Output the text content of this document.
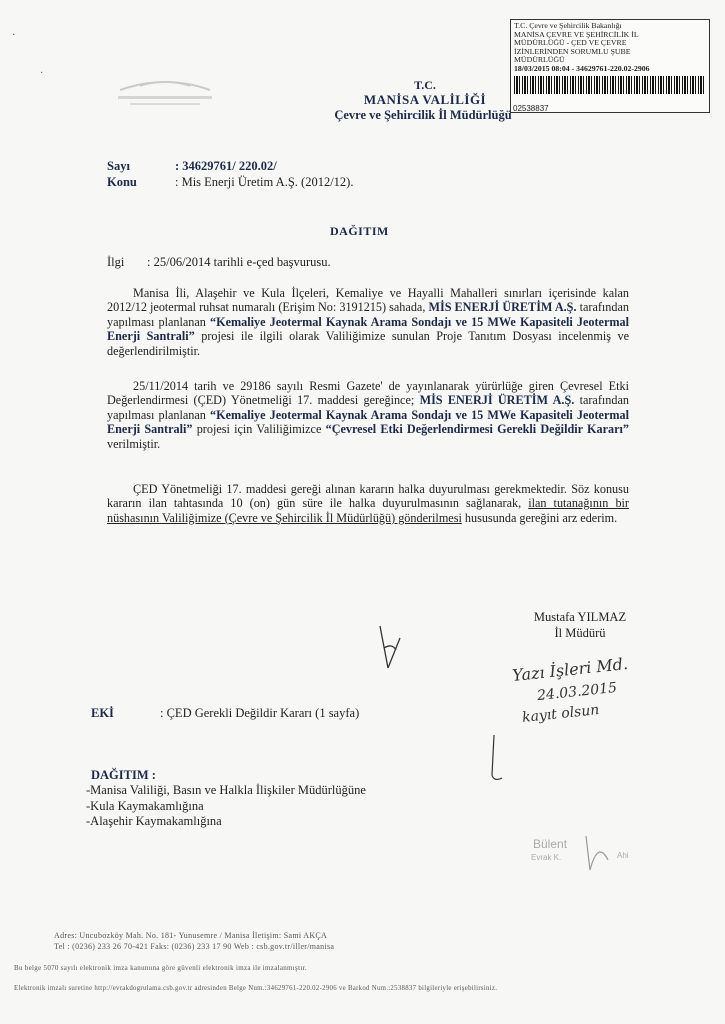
T.C. Çevre ve Şehircilik Bakanlığı
MANİSA ÇEVRE VE ŞEHİRCİLİK İL
MÜDÜRLÜĞÜ - ÇED VE ÇEVRE
İZİNLERİNDEN SORUMLU ŞUBE
MÜDÜRLÜĞÜ
18/03/2015 08:04 - 34629761-220.02-2906
02538837
·
·
T.C.
MANİSA VALİLİĞİ
Çevre ve Şehircilik İl Müdürlüğü
Sayı	: 34629761/ 220.02/
Konu	: Mis Enerji Üretim A.Ş. (2012/12).
DAĞITIM
İlgi : 25/06/2014 tarihli e-çed başvurusu.
Manisa İli, Alaşehir ve Kula İlçeleri, Kemaliye ve Hayalli Mahalleri sınırları içerisinde kalan 2012/12 jeotermal ruhsat numaralı (Erişim No: 3191215) sahada, MİS ENERJİ ÜRETİM A.Ş. tarafından yapılması planlanan “Kemaliye Jeotermal Kaynak Arama Sondajı ve 15 MWe Kapasiteli Jeotermal Enerji Santrali” projesi ile ilgili olarak Valiliğimize sunulan Proje Tanıtım Dosyası incelenmiş ve değerlendirilmiştir.
25/11/2014 tarih ve 29186 sayılı Resmi Gazete' de yayınlanarak yürürlüğe giren Çevresel Etki Değerlendirmesi (ÇED) Yönetmeliği 17. maddesi gereğince; MİS ENERJİ ÜRETİM A.Ş. tarafından yapılması planlanan “Kemaliye Jeotermal Kaynak Arama Sondajı ve 15 MWe Kapasiteli Jeotermal Enerji Santrali” projesi için Valiliğimizce “Çevresel Etki Değerlendirmesi Gerekli Değildir Kararı” verilmiştir.
ÇED Yönetmeliği 17. maddesi gereği alınan kararın halka duyurulması gerekmektedir. Söz konusu kararın ilan tahtasında 10 (on) gün süre ile halka duyurulmasının sağlanarak, ilan tutanağının bir nüshasının Valiliğimize (Çevre ve Şehircilik İl Müdürlüğü) gönderilmesi hususunda gereğini arz ederim.
Mustafa YILMAZ
İl Müdürü
Yazı İşleri Md.
24.03.2015
kayıt olsun
EKİ	: ÇED Gerekli Değildir Kararı (1 sayfa)
DAĞITIM :
-Manisa Valiliği, Basın ve Halkla İlişkiler Müdürlüğüne
-Kula Kaymakamlığına
-Alaşehir Kaymakamlığına
Bülent
Evrak K.	Ahi
Adres: Uncubozköy Mah. No. 181- Yunusemre / Manisa İletişim: Sami AKÇA
Tel : (0236) 233 26 70-421 Faks: (0236) 233 17 90 Web : csb.gov.tr/iller/manisa
Bu belge 5070 sayılı elektronik imza kanununa göre güvenli elektronik imza ile imzalanmıştır.
Elektronik imzalı suretine http://evrakdogrulama.csb.gov.tr adresinden Belge Num.:34629761-220.02-2906 ve Barkod Num.:2538837 bilgileriyle erişebilirsiniz.
